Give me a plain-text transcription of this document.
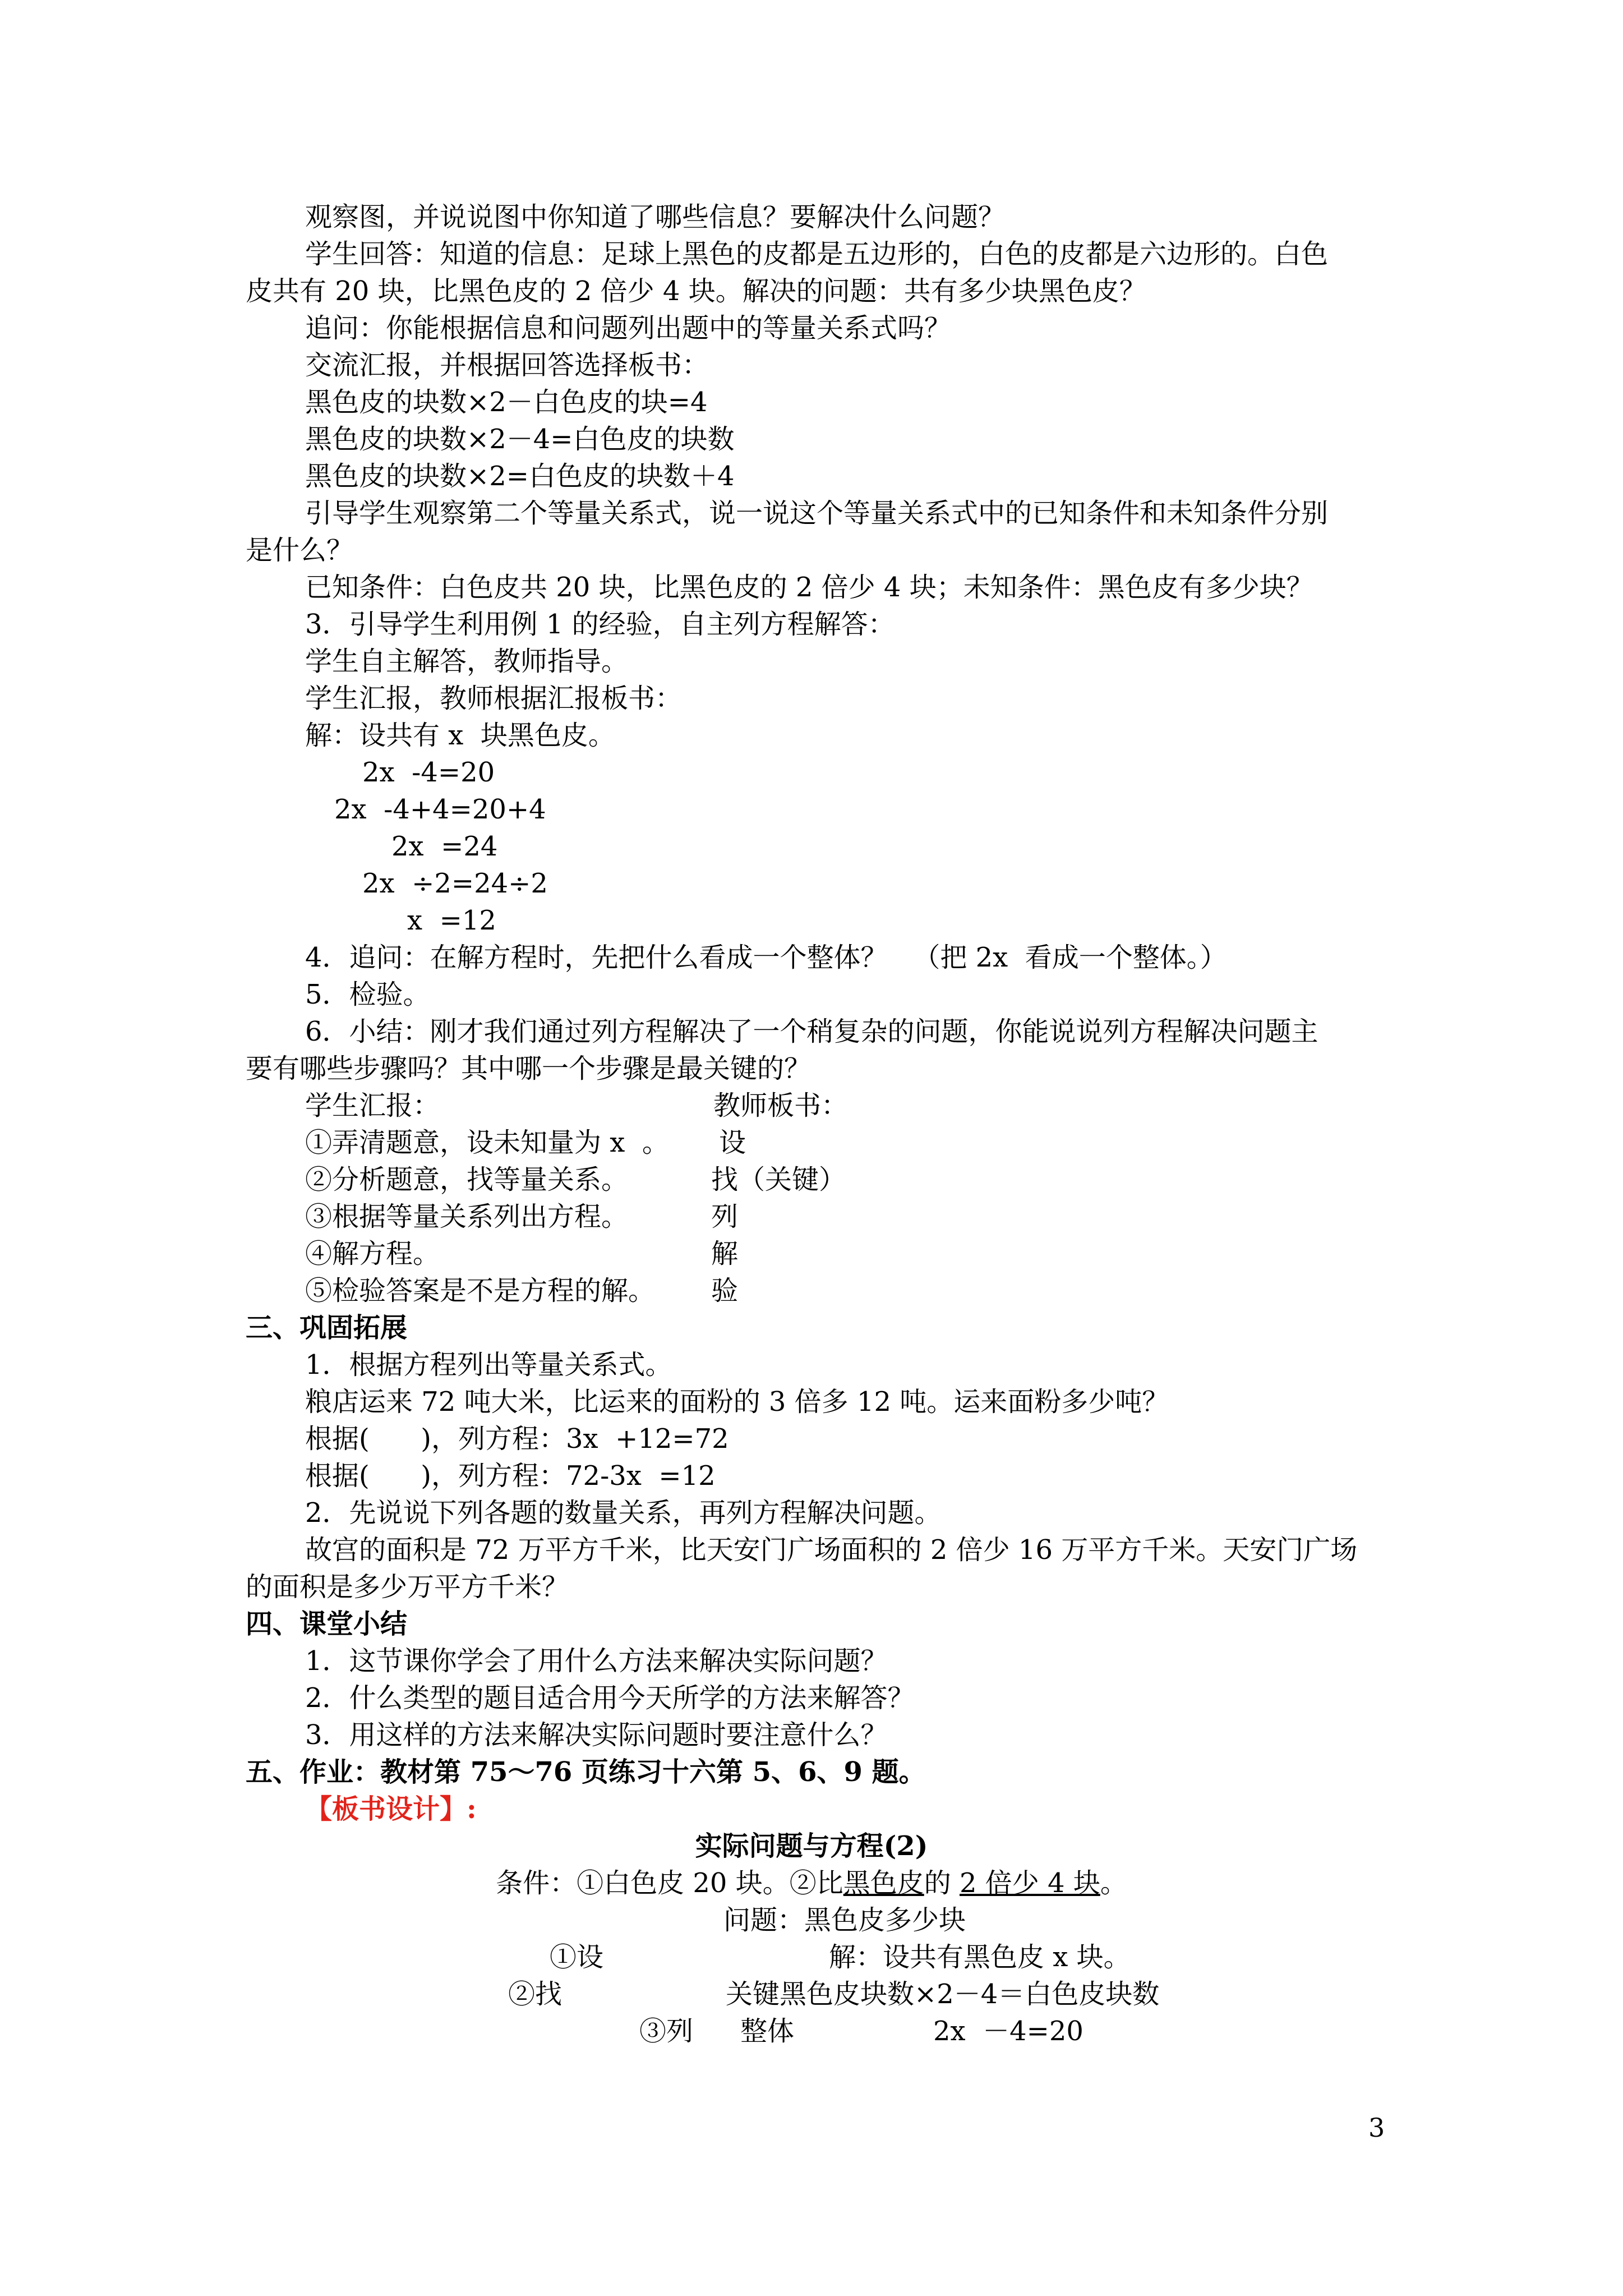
观察图，并说说图中你知道了哪些信息？要解决什么问题？
学生回答：知道的信息：足球上黑色的皮都是五边形的，白色的皮都是六边形的。白色
皮共有 20 块，比黑色皮的 2 倍少 4 块。解决的问题：共有多少块黑色皮？
追问：你能根据信息和问题列出题中的等量关系式吗？
交流汇报，并根据回答选择板书：
黑色皮的块数×2－白色皮的块=4
黑色皮的块数×2－4=白色皮的块数
黑色皮的块数×2=白色皮的块数＋4
引导学生观察第二个等量关系式，说一说这个等量关系式中的已知条件和未知条件分别
是什么？
已知条件：白色皮共 20 块，比黑色皮的 2 倍少 4 块；未知条件：黑色皮有多少块？
3．引导学生利用例 1 的经验，自主列方程解答：
学生自主解答，教师指导。
学生汇报，教师根据汇报板书：
解：设共有 x  块黑色皮。
2x  -4=20
2x  -4+4=20+4
2x  =24
2x  ÷2=24÷2
x  =12
4．追问：在解方程时，先把什么看成一个整体？   （把 2x  看成一个整体。）
5．检验。
6．小结：刚才我们通过列方程解决了一个稍复杂的问题，你能说说列方程解决问题主
要有哪些步骤吗？其中哪一个步骤是最关键的？
学生汇报：	教师板书：
①弄清题意，设未知量为 x  。 设
②分析题意，找等量关系。	找（关键）
③根据等量关系列出方程。	列
④解方程。	解
⑤检验答案是不是方程的解。 验
三、巩固拓展
1．根据方程列出等量关系式。
粮店运来 72 吨大米，比运来的面粉的 3 倍多 12 吨。运来面粉多少吨？
根据(      )，列方程：3x  +12=72
根据(      )，列方程：72-3x  =12
2．先说说下列各题的数量关系，再列方程解决问题。
故宫的面积是 72 万平方千米，比天安门广场面积的 2 倍少 16 万平方千米。天安门广场
的面积是多少万平方千米？
四、课堂小结
1．这节课你学会了用什么方法来解决实际问题？
2．什么类型的题目适合用今天所学的方法来解答？
3．用这样的方法来解决实际问题时要注意什么？
五、作业：教材第 75～76 页练习十六第 5、6、9 题。
【板书设计】:
实际问题与方程(2)
条件：①白色皮 20 块。②比黑色皮的 2 倍少 4 块。
问题：黑色皮多少块
①设	解：设共有黑色皮 x 块。
②找	关键黑色皮块数×2－4＝白色皮块数
③列 整体	2x  －4=20
3
